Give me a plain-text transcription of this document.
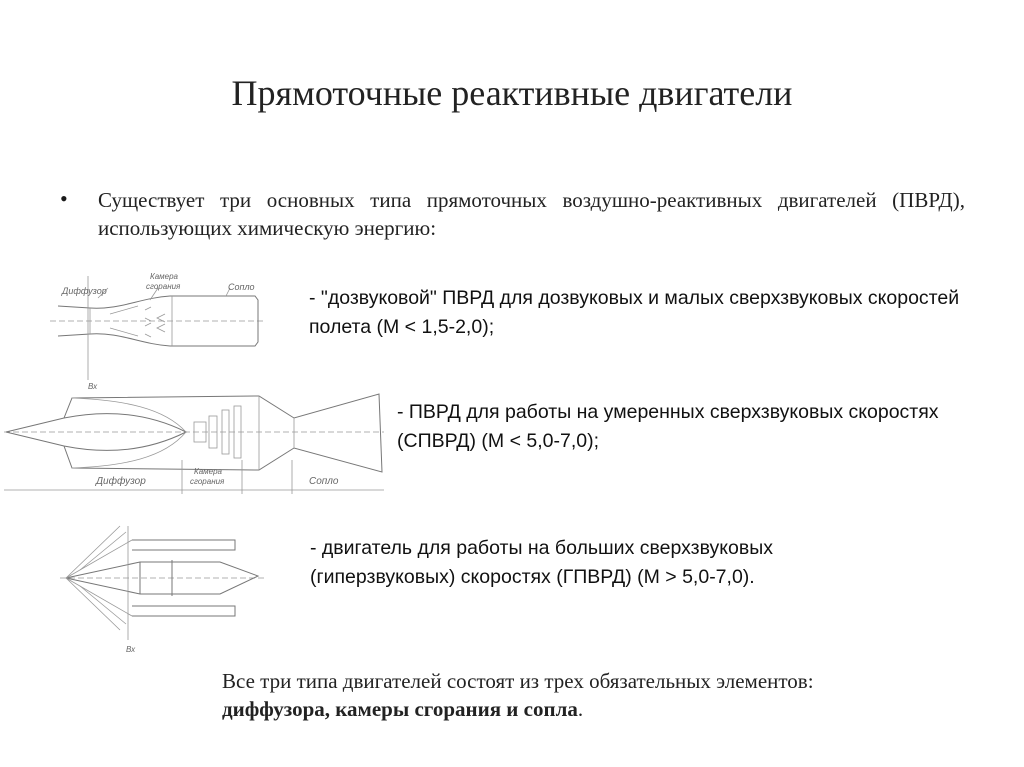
Прямоточные реактивные двигатели
• Существует три основных типа прямоточных воздушно-реактивных двигателей (ПВРД), использующих химическую энергию:
Диффузор
Камера
сгорания	Сопло
Вх
- "дозвуковой" ПВРД для дозвуковых и малых сверхзвуковых скоростей полета (М < 1,5-2,0);
Диффузор
Камера
сгорания	Сопло
- ПВРД для работы на умеренных сверхзвуковых скоростях (СПВРД) (М < 5,0-7,0);
Вх
- двигатель для работы на больших сверхзвуковых (гиперзвуковых) скоростях (ГПВРД) (М > 5,0-7,0).
Все три типа двигателей состоят из трех обязательных элементов:
диффузора, камеры сгорания и сопла.
